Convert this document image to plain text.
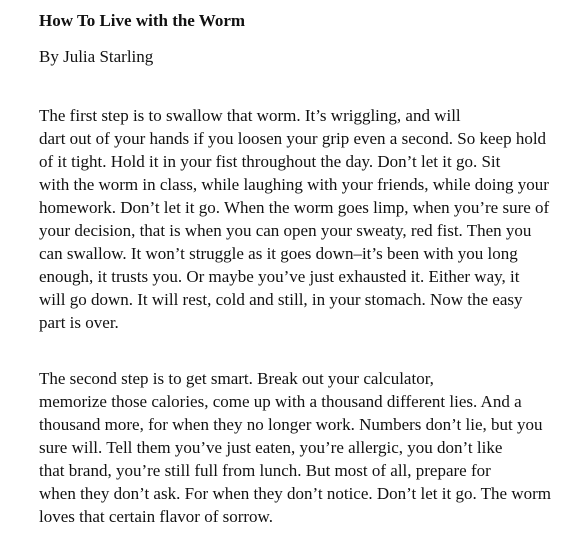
How To Live with the Worm

By Julia Starling

The first step is to swallow that worm. It’s wriggling, and will
dart out of your hands if you loosen your grip even a second. So keep hold
of it tight. Hold it in your fist throughout the day. Don’t let it go. Sit
with the worm in class, while laughing with your friends, while doing your
homework. Don’t let it go. When the worm goes limp, when you’re sure of
your decision, that is when you can open your sweaty, red fist. Then you
can swallow. It won’t struggle as it goes down–it’s been with you long
enough, it trusts you. Or maybe you’ve just exhausted it. Either way, it
will go down. It will rest, cold and still, in your stomach. Now the easy
part is over.
The second step is to get smart. Break out your calculator,
memorize those calories, come up with a thousand different lies. And a
thousand more, for when they no longer work. Numbers don’t lie, but you
sure will. Tell them you’ve just eaten, you’re allergic, you don’t like
that brand, you’re still full from lunch. But most of all, prepare for
when they don’t ask. For when they don’t notice. Don’t let it go. The worm
loves that certain flavor of sorrow.
